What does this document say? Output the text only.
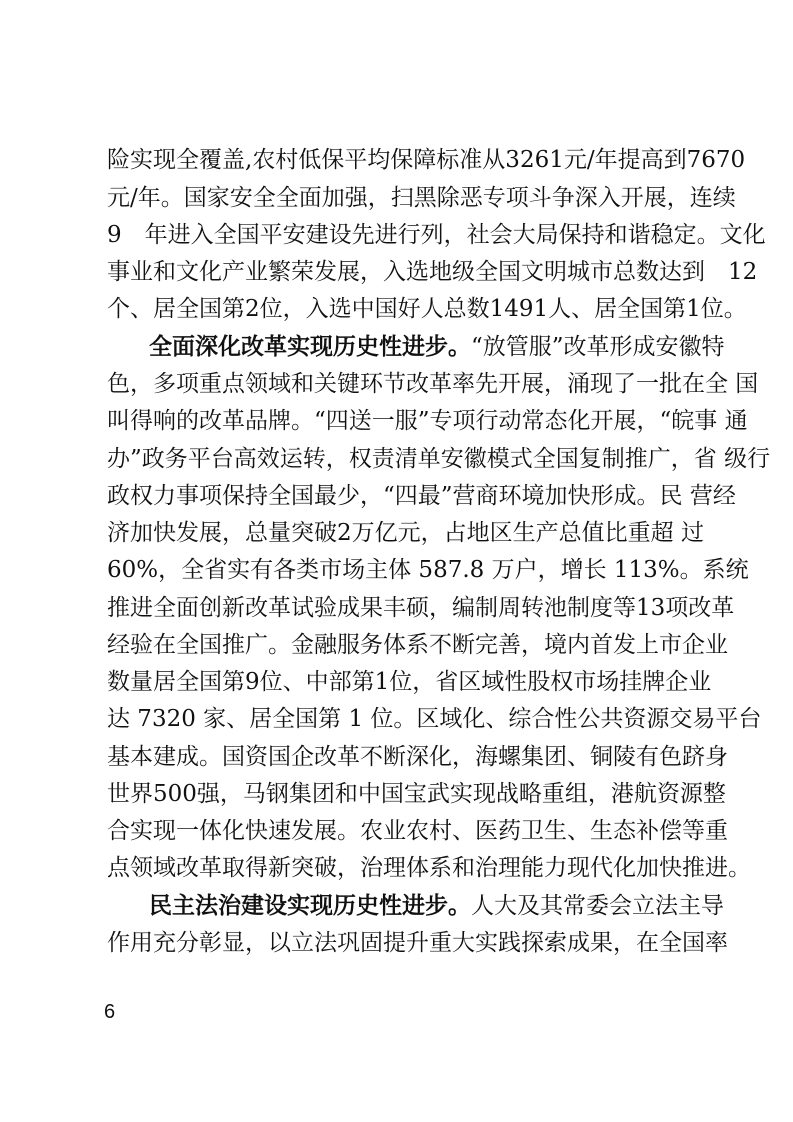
险实现全覆盖,农村低保平均保障标准从3261元/年提高到7670
元/年。国家安全全面加强，扫黑除恶专项斗争深入开展，连续
9　年进入全国平安建设先进行列，社会大局保持和谐稳定。文化
事业和文化产业繁荣发展，入选地级全国文明城市总数达到　12
个、居全国第2位，入选中国好人总数1491人、居全国第1位。
全面深化改革实现历史性进步。“放管服”改革形成安徽特
色，多项重点领域和关键环节改革率先开展，涌现了一批在全 国
叫得响的改革品牌。“四送一服”专项行动常态化开展，“皖事 通
办”政务平台高效运转，权责清单安徽模式全国复制推广，省 级行
政权力事项保持全国最少，“四最”营商环境加快形成。民 营经
济加快发展，总量突破2万亿元，占地区生产总值比重超 过
60%，全省实有各类市场主体 587.8 万户，增长 113%。系统
推进全面创新改革试验成果丰硕，编制周转池制度等13项改革
经验在全国推广。金融服务体系不断完善，境内首发上市企业
数量居全国第9位、中部第1位，省区域性股权市场挂牌企业
达 7320 家、居全国第 1 位。区域化、综合性公共资源交易平台
基本建成。国资国企改革不断深化，海螺集团、铜陵有色跻身
世界500强，马钢集团和中国宝武实现战略重组，港航资源整
合实现一体化快速发展。农业农村、医药卫生、生态补偿等重
点领域改革取得新突破，治理体系和治理能力现代化加快推进。
民主法治建设实现历史性进步。人大及其常委会立法主导
作用充分彰显，以立法巩固提升重大实践探索成果，在全国率
6
